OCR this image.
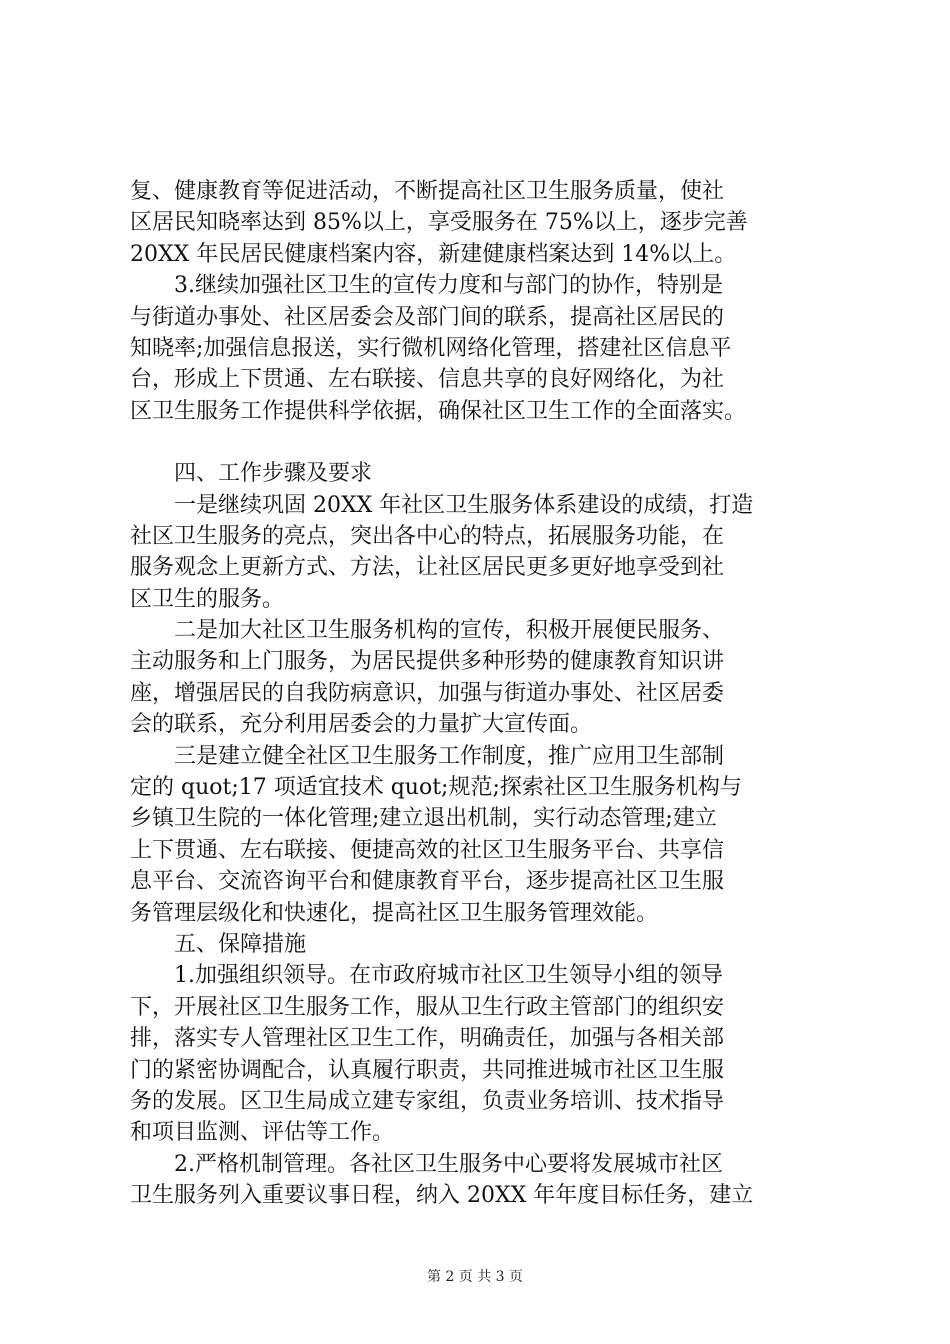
复、健康教育等促进活动，不断提高社区卫生服务质量，使社
区居民知晓率达到 85%以上，享受服务在 75%以上，逐步完善
20XX 年民居民健康档案内容，新建健康档案达到 14%以上。
3.继续加强社区卫生的宣传力度和与部门的协作，特别是
与街道办事处、社区居委会及部门间的联系，提高社区居民的
知晓率;加强信息报送，实行微机网络化管理，搭建社区信息平
台，形成上下贯通、左右联接、信息共享的良好网络化，为社
区卫生服务工作提供科学依据，确保社区卫生工作的全面落实。
四、工作步骤及要求
一是继续巩固 20XX 年社区卫生服务体系建设的成绩，打造
社区卫生服务的亮点，突出各中心的特点，拓展服务功能，在
服务观念上更新方式、方法，让社区居民更多更好地享受到社
区卫生的服务。
二是加大社区卫生服务机构的宣传，积极开展便民服务、
主动服务和上门服务，为居民提供多种形势的健康教育知识讲
座，增强居民的自我防病意识，加强与街道办事处、社区居委
会的联系，充分利用居委会的力量扩大宣传面。
三是建立健全社区卫生服务工作制度，推广应用卫生部制
定的 quot;17 项适宜技术 quot;规范;探索社区卫生服务机构与
乡镇卫生院的一体化管理;建立退出机制，实行动态管理;建立
上下贯通、左右联接、便捷高效的社区卫生服务平台、共享信
息平台、交流咨询平台和健康教育平台，逐步提高社区卫生服
务管理层级化和快速化，提高社区卫生服务管理效能。
五、保障措施
1.加强组织领导。在市政府城市社区卫生领导小组的领导
下，开展社区卫生服务工作，服从卫生行政主管部门的组织安
排，落实专人管理社区卫生工作，明确责任，加强与各相关部
门的紧密协调配合，认真履行职责，共同推进城市社区卫生服
务的发展。区卫生局成立建专家组，负责业务培训、技术指导
和项目监测、评估等工作。
2.严格机制管理。各社区卫生服务中心要将发展城市社区
卫生服务列入重要议事日程，纳入 20XX 年年度目标任务，建立
第 2 页 共 3 页
